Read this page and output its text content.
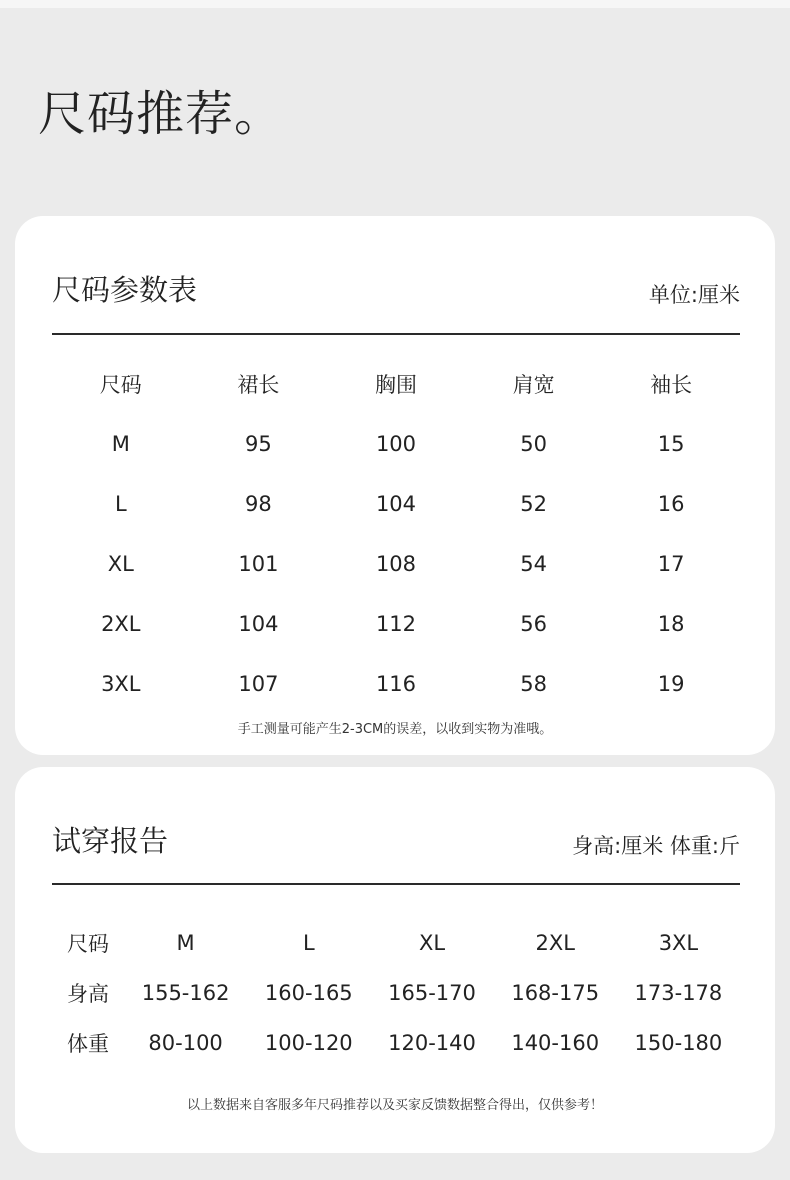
尺码推荐。
尺码参数表	单位:厘米
尺码	裙长	胸围	肩宽	袖长
M	95	100	50	15
L	98	104	52	16
XL	101	108	54	17
2XL	104	112	56	18
3XL	107	116	58	19
手工测量可能产生2-3CM的误差，以收到实物为准哦。
试穿报告	身高:厘米 体重:斤
尺码	M	L	XL	2XL	3XL
身高	155-162	160-165	165-170	168-175	173-178
体重	80-100	100-120	120-140	140-160	150-180
以上数据来自客服多年尺码推荐以及买家反馈数据整合得出，仅供参考！
